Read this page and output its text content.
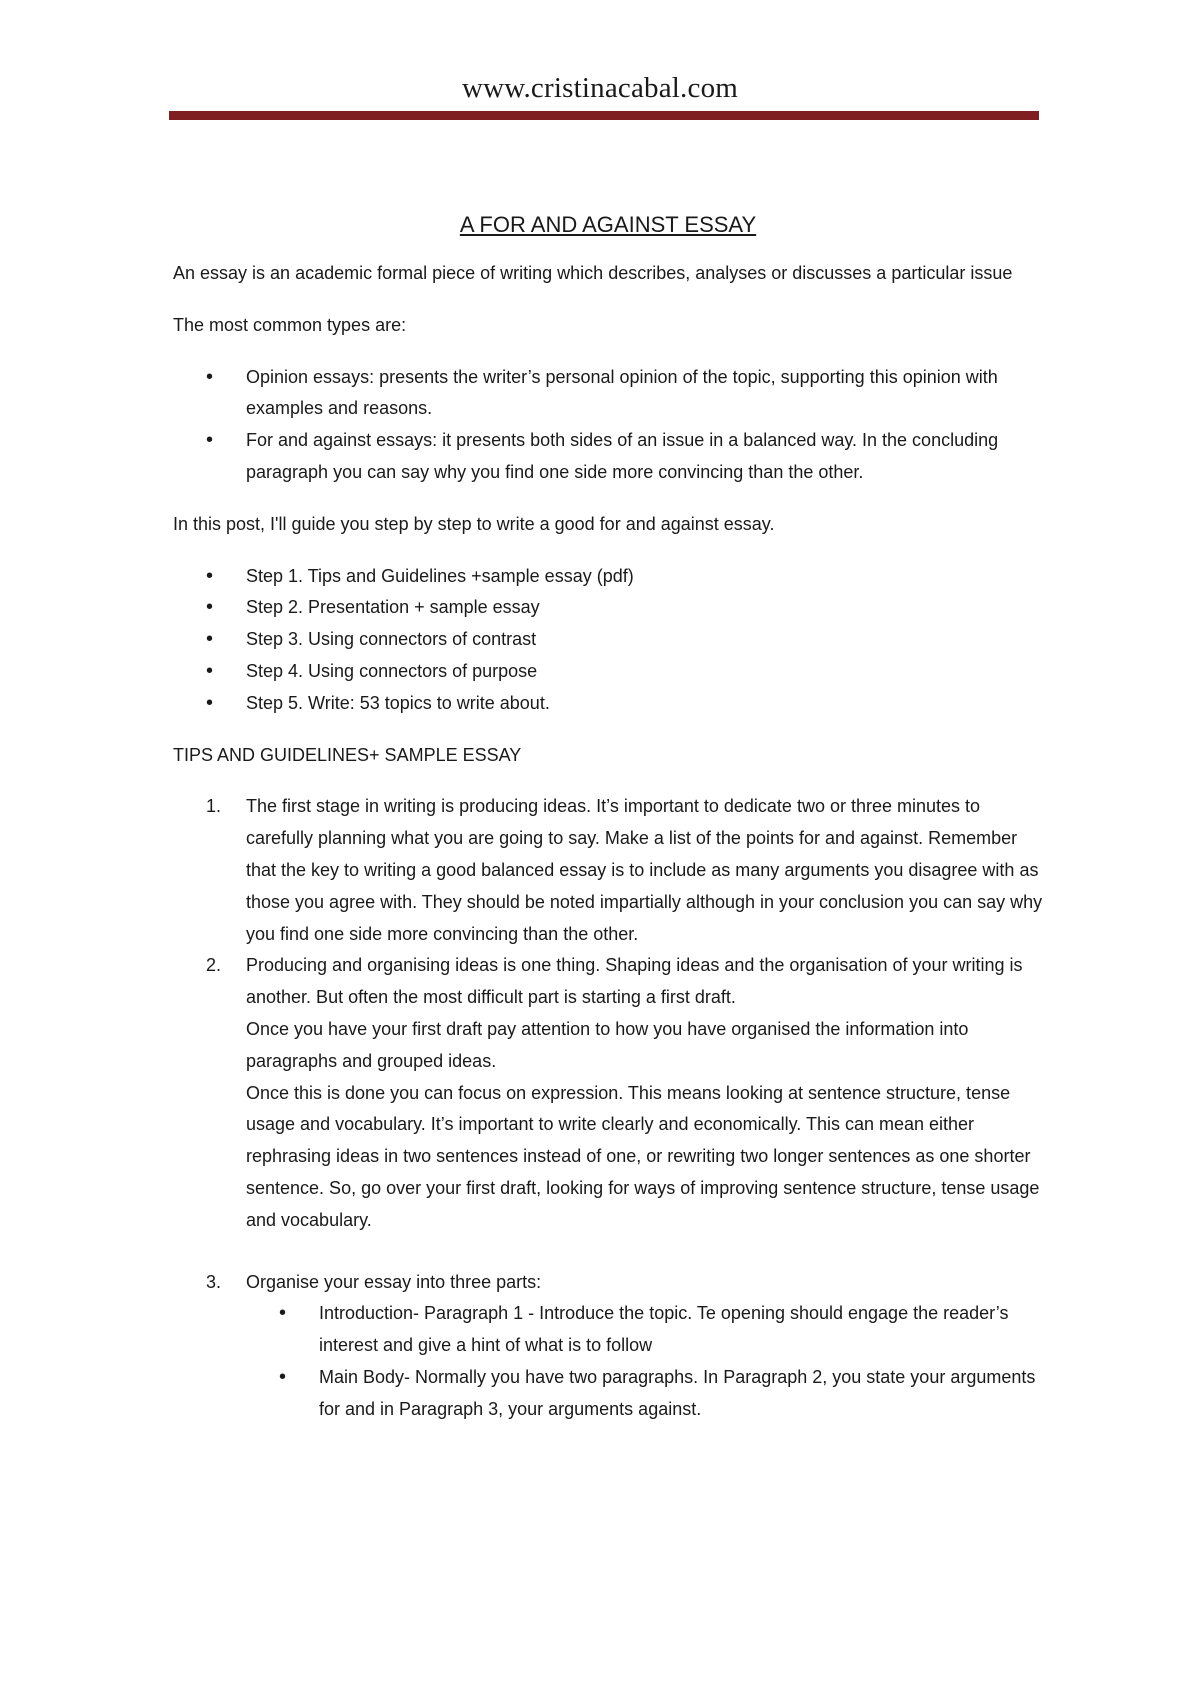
www.cristinacabal.com
A FOR AND AGAINST ESSAY

An essay is an academic formal piece of writing which describes, analyses or discusses a particular issue

The most common types are:

• Opinion essays: presents the writer’s personal opinion of the topic, supporting this opinion with examples and reasons.
• For and against essays: it presents both sides of an issue in a balanced way. In the concluding paragraph you can say why you find one side more convincing than the other.

In this post, I'll guide you step by step to write a good for and against essay.

• Step 1. Tips and Guidelines +sample essay (pdf)
• Step 2. Presentation + sample essay
• Step 3. Using connectors of contrast
• Step 4. Using connectors of purpose
• Step 5. Write: 53 topics to write about.

TIPS AND GUIDELINES+ SAMPLE ESSAY

1. The first stage in writing is producing ideas. It’s important to dedicate two or three minutes to carefully planning what you are going to say. Make a list of the points for and against. Remember that the key to writing a good balanced essay is to include as many arguments you disagree with as those you agree with. They should be noted impartially although in your conclusion you can say why you find one side more convincing than the other.
2. Producing and organising ideas is one thing. Shaping ideas and the organisation of your writing is another. But often the most difficult part is starting a first draft.
Once you have your first draft pay attention to how you have organised the information into paragraphs and grouped ideas.
Once this is done you can focus on expression. This means looking at sentence structure, tense usage and vocabulary. It’s important to write clearly and economically. This can mean either rephrasing ideas in two sentences instead of one, or rewriting two longer sentences as one shorter sentence. So, go over your first draft, looking for ways of improving sentence structure, tense usage and vocabulary.
3. Organise your essay into three parts:
• Introduction- Paragraph 1 - Introduce the topic. Te opening should engage the reader’s interest and give a hint of what is to follow
• Main Body- Normally you have two paragraphs. In Paragraph 2, you state your arguments for and in Paragraph 3, your arguments against.
